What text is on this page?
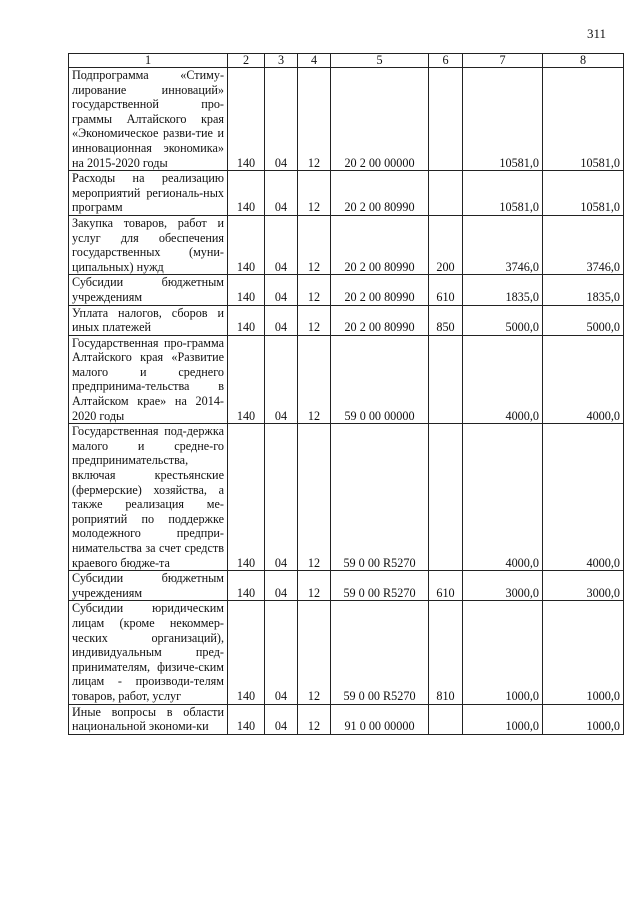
311
1	2	3	4	5	6	7	8
Подпрограмма «Стиму-лирование инноваций» государственной про-граммы Алтайского края «Экономическое разви-тие и инновационная экономика» на 2015-2020 годы	140	04	12	20 2 00 00000		10581,0	10581,0
Расходы на реализацию мероприятий региональ-ных программ	140	04	12	20 2 00 80990		10581,0	10581,0
Закупка товаров, работ и услуг для обеспечения государственных (муни-ципальных) нужд	140	04	12	20 2 00 80990	200	3746,0	3746,0
Субсидии бюджетным учреждениям	140	04	12	20 2 00 80990	610	1835,0	1835,0
Уплата налогов, сборов и иных платежей	140	04	12	20 2 00 80990	850	5000,0	5000,0
Государственная про-грамма Алтайского края «Развитие малого и среднего предпринима-тельства в Алтайском крае» на 2014-2020 годы	140	04	12	59 0 00 00000		4000,0	4000,0
Государственная под-держка малого и средне-го предпринимательства, включая крестьянские (фермерские) хозяйства, а также реализация ме-роприятий по поддержке молодежного предпри-нимательства за счет средств краевого бюдже-та	140	04	12	59 0 00 R5270		4000,0	4000,0
Субсидии бюджетным учреждениям	140	04	12	59 0 00 R5270	610	3000,0	3000,0
Субсидии юридическим лицам (кроме некоммер-ческих организаций), индивидуальным пред-принимателям, физиче-ским лицам - производи-телям товаров, работ, услуг	140	04	12	59 0 00 R5270	810	1000,0	1000,0
Иные вопросы в области национальной экономи-ки	140	04	12	91 0 00 00000		1000,0	1000,0
